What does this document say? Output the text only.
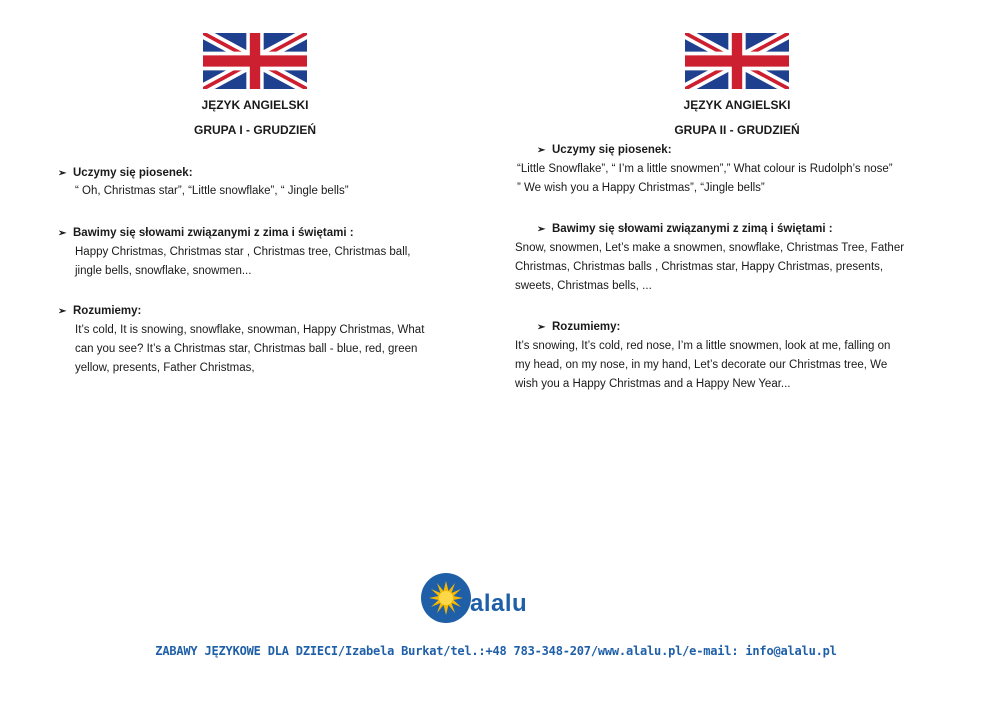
JĘZYK ANGIELSKI
GRUPA I - GRUDZIEŃ
➢ Uczymy się piosenek:
“ Oh, Christmas star”, “Little snowflake”, “ Jingle bells”
➢ Bawimy się słowami związanymi z zima i świętami :
Happy Christmas, Christmas star , Christmas tree, Christmas ball,
jingle bells, snowflake, snowmen...
➢ Rozumiemy:
It’s cold, It is snowing, snowflake, snowman, Happy Christmas, What
can you see? It’s a Christmas star, Christmas ball - blue, red, green
yellow, presents, Father Christmas,
JĘZYK ANGIELSKI
GRUPA II - GRUDZIEŃ
➢ Uczymy się piosenek:
“Little Snowflake”, “ I’m a little snowmen”,” What colour is Rudolph’s nose”
” We wish you a Happy Christmas”, “Jingle bells”
➢ Bawimy się słowami związanymi z zimą i świętami :
Snow, snowmen, Let’s make a snowmen, snowflake, Christmas Tree, Father
Christmas, Christmas balls , Christmas star, Happy Christmas, presents,
sweets, Christmas bells, ...
➢ Rozumiemy:
It’s snowing, It’s cold, red nose, I’m a little snowmen, look at me, falling on
my head, on my nose, in my hand, Let’s decorate our Christmas tree, We
wish you a Happy Christmas and a Happy New Year...
alalu
ZABAWY JĘZYKOWE DLA DZIECI/Izabela Burkat/tel.:+48 783-348-207/www.alalu.pl/e-mail: info@alalu.pl
